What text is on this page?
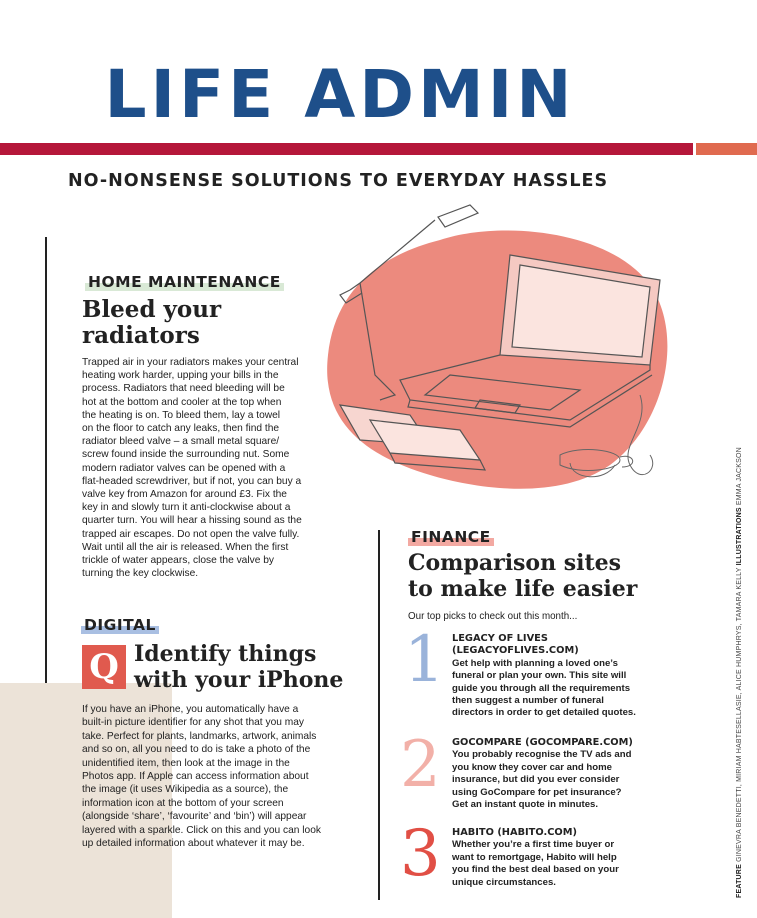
LIFE ADMIN
NO-NONSENSE SOLUTIONS TO EVERYDAY HASSLES
HOME MAINTENANCE
Bleed your
radiators
Trapped air in your radiators makes your central
heating work harder, upping your bills in the
process. Radiators that need bleeding will be
hot at the bottom and cooler at the top when
the heating is on. To bleed them, lay a towel
on the floor to catch any leaks, then find the
radiator bleed valve – a small metal square/
screw found inside the surrounding nut. Some
modern radiator valves can be opened with a
flat-headed screwdriver, but if not, you can buy a
valve key from Amazon for around £3. Fix the
key in and slowly turn it anti-clockwise about a
quarter turn. You will hear a hissing sound as the
trapped air escapes. Do not open the valve fully.
Wait until all the air is released. When the first
trickle of water appears, close the valve by
turning the key clockwise.
DIGITAL
Q Identify things
with your iPhone
If you have an iPhone, you automatically have a
built-in picture identifier for any shot that you may
take. Perfect for plants, landmarks, artwork, animals
and so on, all you need to do is take a photo of the
unidentified item, then look at the image in the
Photos app. If Apple can access information about
the image (it uses Wikipedia as a source), the
information icon at the bottom of your screen
(alongside ‘share’, ‘favourite’ and ‘bin’) will appear
layered with a sparkle. Click on this and you can look
up detailed information about whatever it may be.
FINANCE
Comparison sites
to make life easier
Our top picks to check out this month...
1 LEGACY OF LIVES
(LEGACYOFLIVES.COM)
Get help with planning a loved one’s
funeral or plan your own. This site will
guide you through all the requirements
then suggest a number of funeral
directors in order to get detailed quotes.
2 GOCOMPARE (GOCOMPARE.COM)
You probably recognise the TV ads and
you know they cover car and home
insurance, but did you ever consider
using GoCompare for pet insurance?
Get an instant quote in minutes.
3 HABITO (HABITO.COM)
Whether you’re a first time buyer or
want to remortgage, Habito will help
you find the best deal based on your
unique circumstances.	FEATURE GINEVRA BENEDETTI, MIRIAM HABTESELLASIE, ALICE HUMPHRYS, TAMARA KELLY ILLUSTRATIONS EMMA JACKSON
